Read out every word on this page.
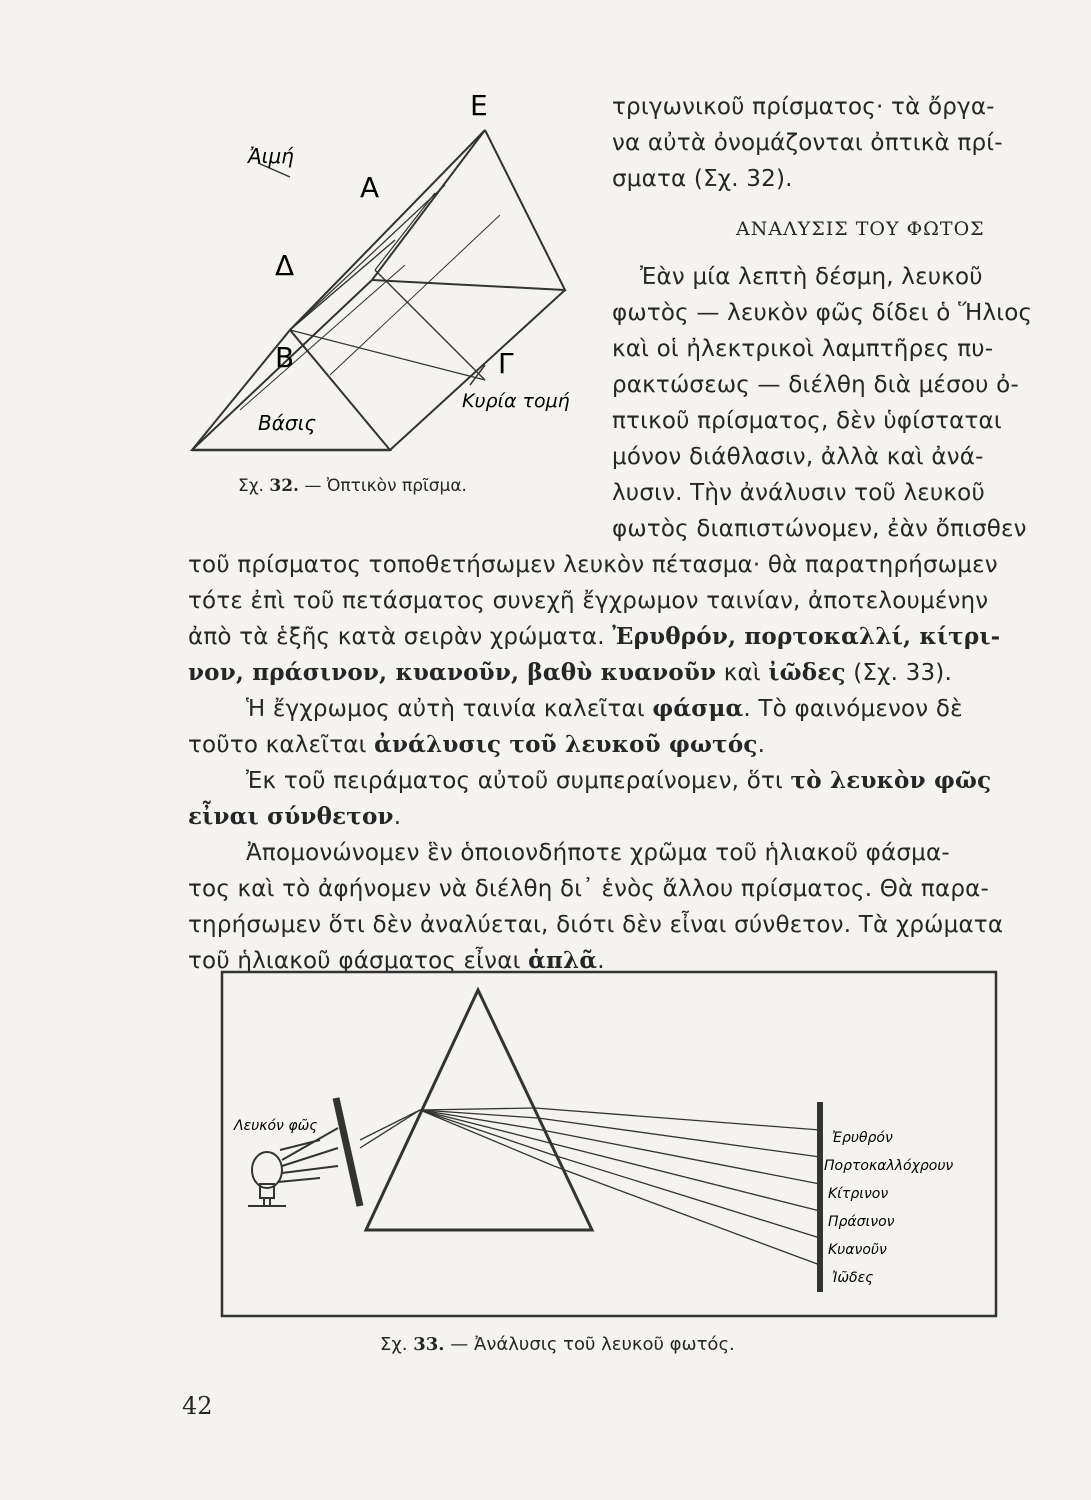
Ε
Ἀιμή
Α
Δ
Β	Γ
Βάσις
Κυρία τομή
Σχ. 32. — Ὀπτικὸν πρῖσμα.
τριγωνικοῦ πρίσματος· τὰ ὄργα-
να αὐτὰ ὀνομάζονται ὀπτικὰ πρί-
σματα (Σχ. 32).
ΑΝΑΛΥΣΙΣ ΤΟΥ ΦΩΤΟΣ
Ἐὰν μία λεπτὴ δέσμη, λευκοῦ
φωτὸς — λευκὸν φῶς δίδει ὁ Ἥλιος
καὶ οἱ ἠλεκτρικοὶ λαμπτῆρες πυ-
ρακτώσεως — διέλθη διὰ μέσου ὀ-
πτικοῦ πρίσματος, δὲν ὑφίσταται
μόνον διάθλασιν, ἀλλὰ καὶ ἀνά-
λυσιν. Τὴν ἀνάλυσιν τοῦ λευκοῦ
φωτὸς διαπιστώνομεν, ἐὰν ὄπισθεν
τοῦ πρίσματος τοποθετήσωμεν λευκὸν πέτασμα· θὰ παρατηρήσωμεν
τότε ἐπὶ τοῦ πετάσματος συνεχῆ ἔγχρωμον ταινίαν, ἀποτελουμένην
ἀπὸ τὰ ἑξῆς κατὰ σειρὰν χρώματα. Ἐρυθρόν, πορτοκαλλί, κίτρι-
νον, πράσινον, κυανοῦν, βαθὺ κυανοῦν καὶ ἰῶδες (Σχ. 33).
Ἡ ἔγχρωμος αὐτὴ ταινία καλεῖται φάσμα. Τὸ φαινόμενον δὲ
τοῦτο καλεῖται ἀνάλυσις τοῦ λευκοῦ φωτός.
Ἐκ τοῦ πειράματος αὐτοῦ συμπεραίνομεν, ὅτι τὸ λευκὸν φῶς
εἶναι σύνθετον.
Ἀπομονώνομεν ἓν ὁποιονδήποτε χρῶμα τοῦ ἡλιακοῦ φάσμα-
τος καὶ τὸ ἀφήνομεν νὰ διέλθη δι᾿ ἑνὸς ἄλλου πρίσματος. Θὰ παρα-
τηρήσωμεν ὅτι δὲν ἀναλύεται, διότι δὲν εἶναι σύνθετον. Τὰ χρώματα
τοῦ ἡλιακοῦ φάσματος εἶναι ἁπλᾶ.
Λευκόν φῶς
Ἐρυθρόν
Πορτοκαλλόχρουν
Κίτρινον
Πράσινον
Κυανοῦν
Ἰῶδες
Σχ. 33. — Ἀνάλυσις τοῦ λευκοῦ φωτός.
42
